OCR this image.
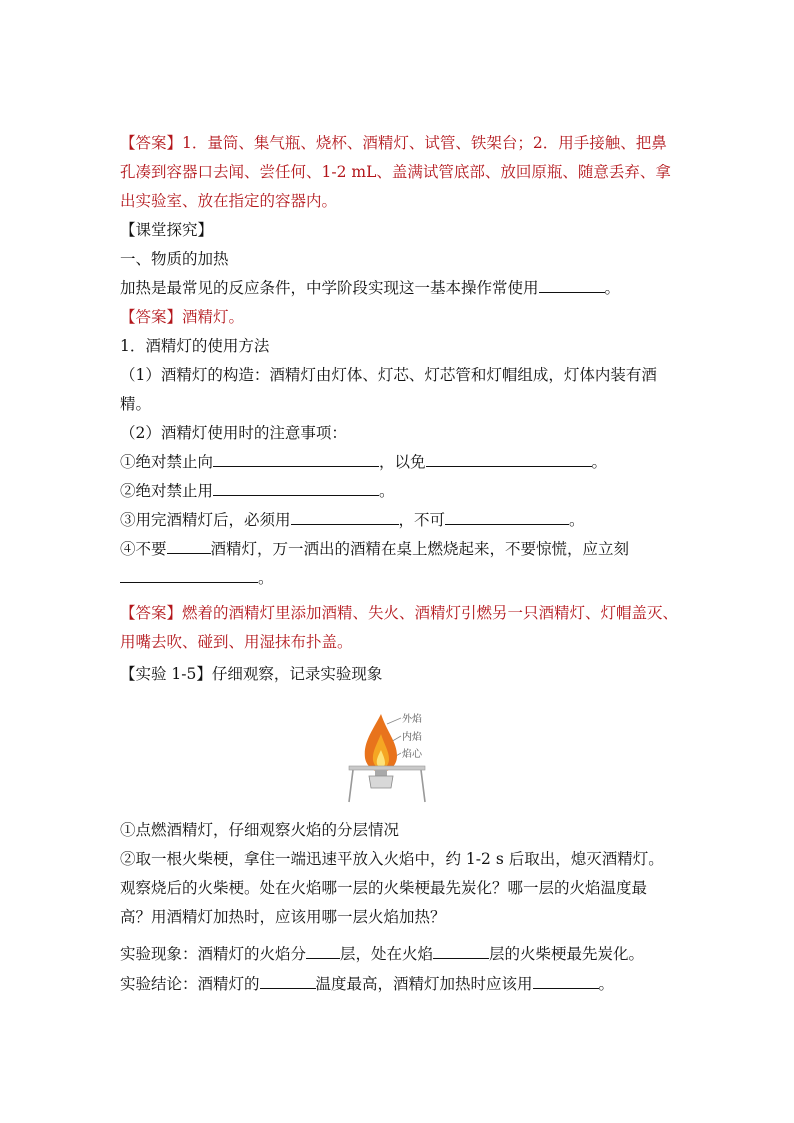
【答案】1．量筒、集气瓶、烧杯、酒精灯、试管、铁架台；2．用手接触、把鼻
孔凑到容器口去闻、尝任何、1-2 mL、盖满试管底部、放回原瓶、随意丢弃、拿
出实验室、放在指定的容器内。
【课堂探究】
一、物质的加热
加热是最常见的反应条件，中学阶段实现这一基本操作常使用	。
【答案】酒精灯。
1．酒精灯的使用方法
（1）酒精灯的构造：酒精灯由灯体、灯芯、灯芯管和灯帽组成，灯体内装有酒
精。
（2）酒精灯使用时的注意事项：
①绝对禁止向	，以免	。
②绝对禁止用	。
③用完酒精灯后，必须用	，不可	。
④不要	酒精灯，万一洒出的酒精在桌上燃烧起来，不要惊慌，应立刻
。
【答案】燃着的酒精灯里添加酒精、失火、酒精灯引燃另一只酒精灯、灯帽盖灭、
用嘴去吹、碰到、用湿抹布扑盖。
【实验 1-5】仔细观察，记录实验现象
外焰
内焰
焰心
①点燃酒精灯，仔细观察火焰的分层情况
②取一根火柴梗，拿住一端迅速平放入火焰中，约 1-2 s 后取出，熄灭酒精灯。
观察烧后的火柴梗。处在火焰哪一层的火柴梗最先炭化？哪一层的火焰温度最
高？用酒精灯加热时，应该用哪一层火焰加热？
实验现象：酒精灯的火焰分 层，处在火焰	层的火柴梗最先炭化。
实验结论：酒精灯的	温度最高，酒精灯加热时应该用	。
